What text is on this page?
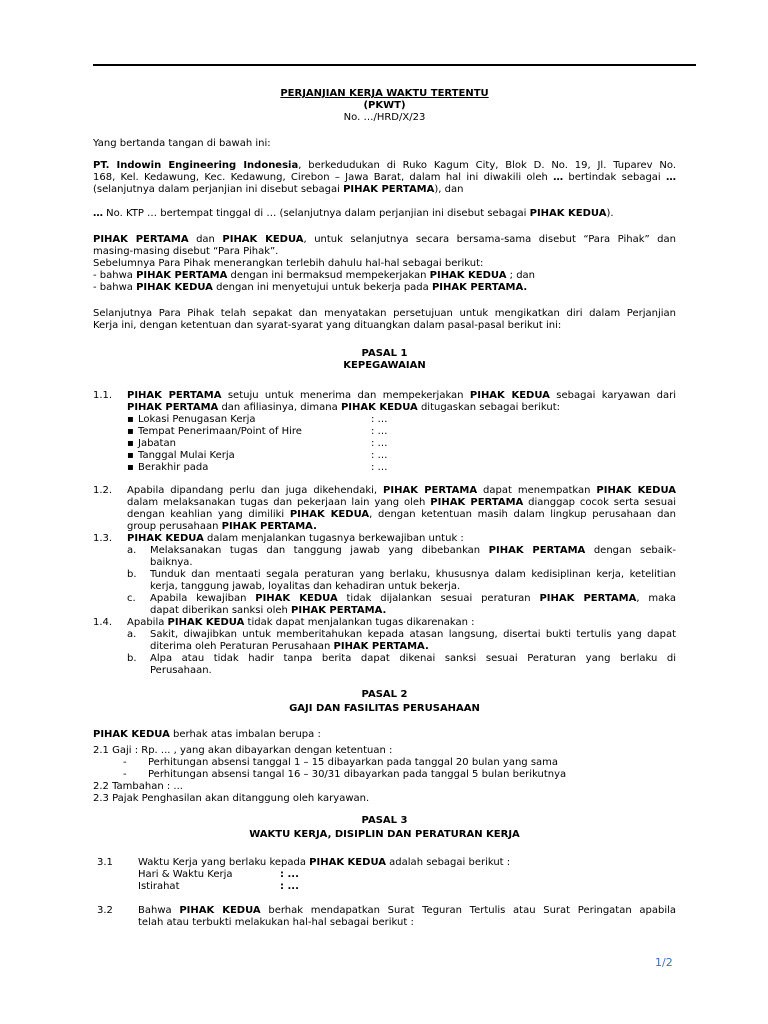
PERJANJIAN KERJA WAKTU TERTENTU
(PKWT)
No. …/HRD/X/23
Yang bertanda tangan di bawah ini:
PT. Indowin Engineering Indonesia, berkedudukan di Ruko Kagum City, Blok D. No. 19, Jl. Tuparev No.
168, Kel. Kedawung, Kec. Kedawung, Cirebon – Jawa Barat, dalam hal ini diwakili oleh … bertindak sebagai …
(selanjutnya dalam perjanjian ini disebut sebagai PIHAK PERTAMA), dan
… No. KTP … bertempat tinggal di … (selanjutnya dalam perjanjian ini disebut sebagai PIHAK KEDUA).
PIHAK PERTAMA dan PIHAK KEDUA, untuk selanjutnya secara bersama-sama disebut “Para Pihak” dan
masing-masing disebut “Para Pihak”.
Sebelumnya Para Pihak menerangkan terlebih dahulu hal-hal sebagai berikut:
- bahwa PIHAK PERTAMA dengan ini bermaksud mempekerjakan PIHAK KEDUA ; dan
- bahwa PIHAK KEDUA dengan ini menyetujui untuk bekerja pada PIHAK PERTAMA.
Selanjutnya Para Pihak telah sepakat dan menyatakan persetujuan untuk mengikatkan diri dalam Perjanjian
Kerja ini, dengan ketentuan dan syarat-syarat yang dituangkan dalam pasal-pasal berikut ini:
PASAL 1
KEPEGAWAIAN
1.1. PIHAK PERTAMA setuju untuk menerima dan mempekerjakan PIHAK KEDUA sebagai karyawan dari
PIHAK PERTAMA dan afiliasinya, dimana PIHAK KEDUA ditugaskan sebagai berikut:
▪ Lokasi Penugasan Kerja	: …
▪ Tempat Penerimaan/Point of Hire	: …
▪ Jabatan	: …
▪ Tanggal Mulai Kerja	: …
▪ Berakhir pada	: …
1.2. Apabila dipandang perlu dan juga dikehendaki, PIHAK PERTAMA dapat menempatkan PIHAK KEDUA
dalam melaksanakan tugas dan pekerjaan lain yang oleh PIHAK PERTAMA dianggap cocok serta sesuai
dengan keahlian yang dimiliki PIHAK KEDUA, dengan ketentuan masih dalam lingkup perusahaan dan
group perusahaan PIHAK PERTAMA.
1.3. PIHAK KEDUA dalam menjalankan tugasnya berkewajiban untuk :
a. Melaksanakan tugas dan tanggung jawab yang dibebankan PIHAK PERTAMA dengan sebaik-
baiknya.
b. Tunduk dan mentaati segala peraturan yang berlaku, khususnya dalam kedisiplinan kerja, ketelitian
kerja, tanggung jawab, loyalitas dan kehadiran untuk bekerja.
c. Apabila kewajiban PIHAK KEDUA tidak dijalankan sesuai peraturan PIHAK PERTAMA, maka
dapat diberikan sanksi oleh PIHAK PERTAMA.
1.4. Apabila PIHAK KEDUA tidak dapat menjalankan tugas dikarenakan :
a. Sakit, diwajibkan untuk memberitahukan kepada atasan langsung, disertai bukti tertulis yang dapat
diterima oleh Peraturan Perusahaan PIHAK PERTAMA.
b. Alpa atau tidak hadir tanpa berita dapat dikenai sanksi sesuai Peraturan yang berlaku di
Perusahaan.
PASAL 2
GAJI DAN FASILITAS PERUSAHAAN
PIHAK KEDUA berhak atas imbalan berupa :
2.1 Gaji : Rp. ... , yang akan dibayarkan dengan ketentuan :
- Perhitungan absensi tanggal 1 – 15 dibayarkan pada tanggal 20 bulan yang sama
- Perhitungan absensi tangal 16 – 30/31 dibayarkan pada tanggal 5 bulan berikutnya
2.2 Tambahan : ...
2.3 Pajak Penghasilan akan ditanggung oleh karyawan.
PASAL 3
WAKTU KERJA, DISIPLIN DAN PERATURAN KERJA
3.1	Waktu Kerja yang berlaku kepada PIHAK KEDUA adalah sebagai berikut :
Hari & Waktu Kerja	: ...
Istirahat	: ...
3.2	Bahwa PIHAK KEDUA berhak mendapatkan Surat Teguran Tertulis atau Surat Peringatan apabila
telah atau terbukti melakukan hal-hal sebagai berikut :
1/2
